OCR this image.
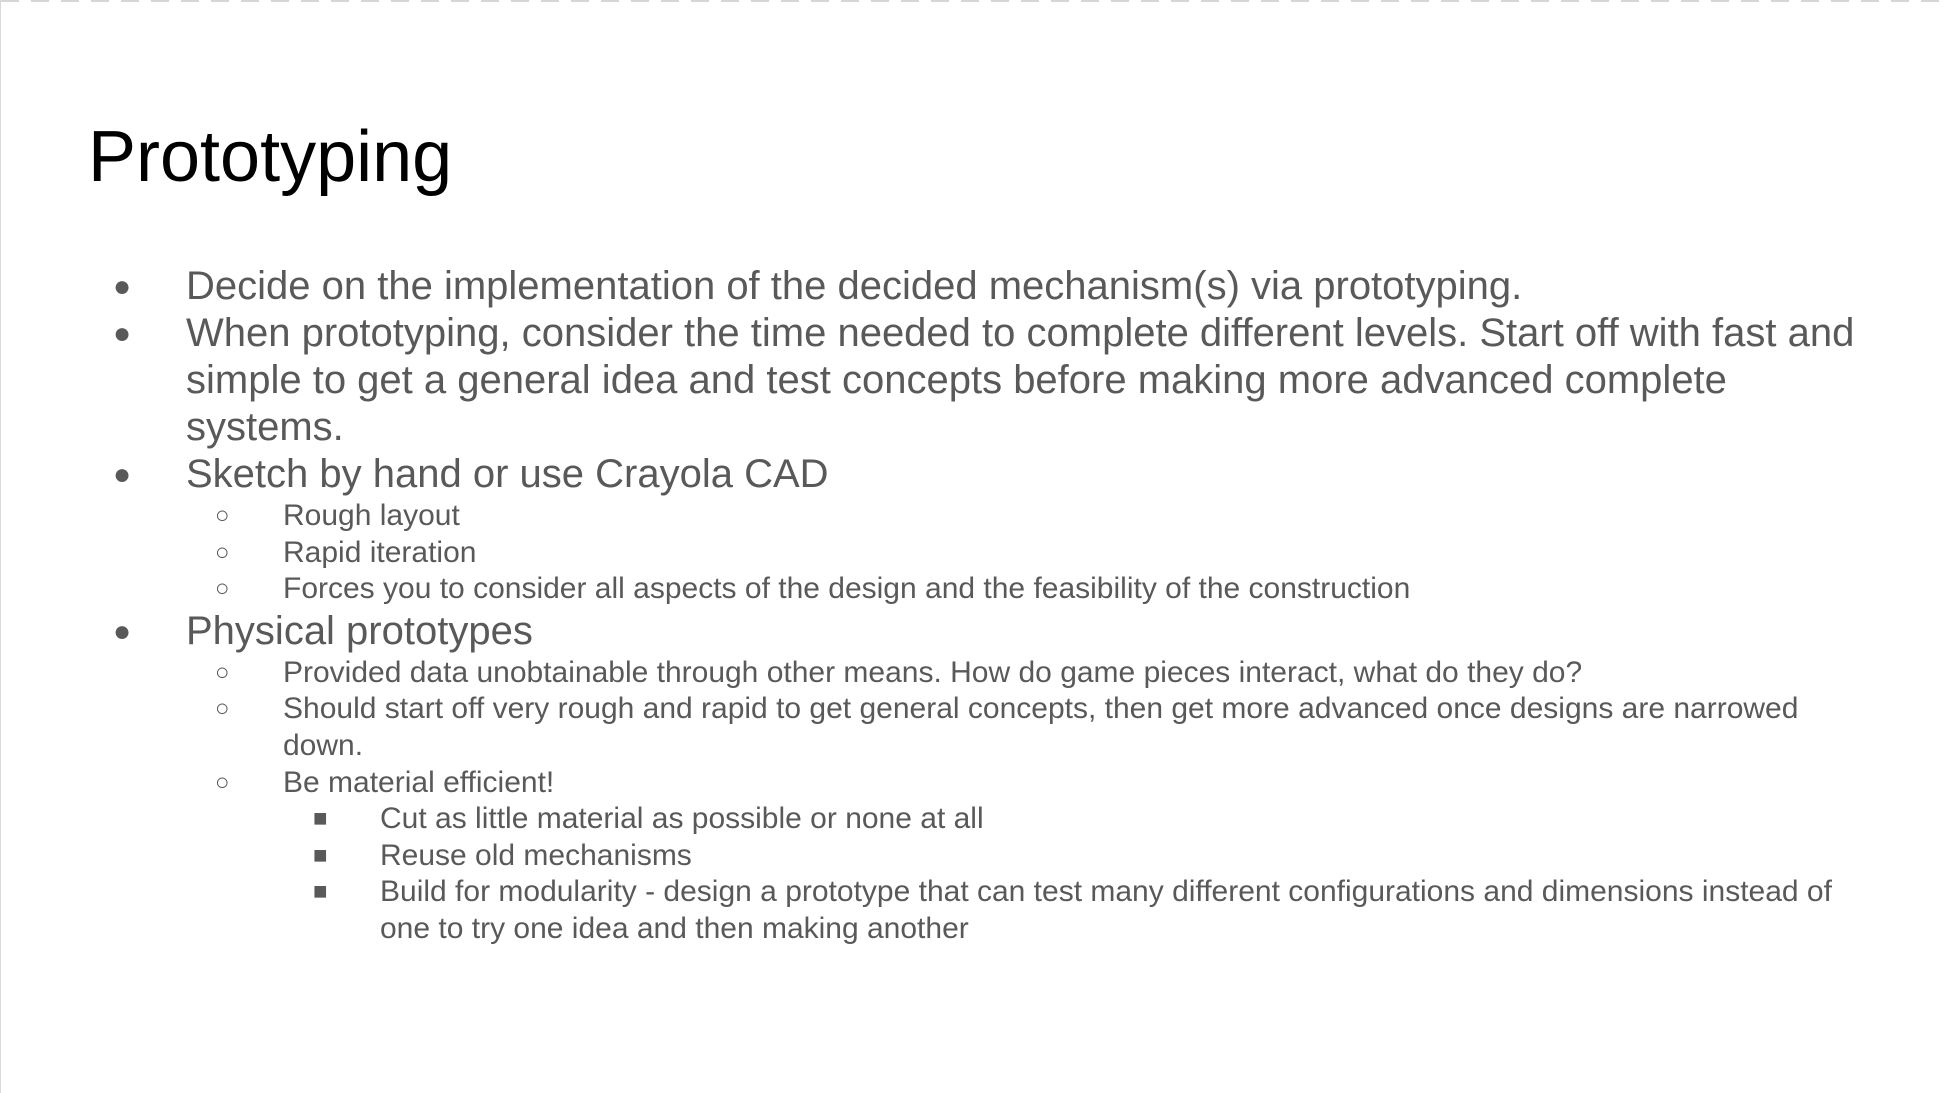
Prototyping
● Decide on the implementation of the decided mechanism(s) via prototyping.
● When prototyping, consider the time needed to complete different levels. Start off with fast and simple to get a general idea and test concepts before making more advanced complete systems.
● Sketch by hand or use Crayola CAD
○ Rough layout
○ Rapid iteration
○ Forces you to consider all aspects of the design and the feasibility of the construction
● Physical prototypes
○ Provided data unobtainable through other means. How do game pieces interact, what do they do?
○ Should start off very rough and rapid to get general concepts, then get more advanced once designs are narrowed down.
○ Be material efficient!
■ Cut as little material as possible or none at all
■ Reuse old mechanisms
■ Build for modularity - design a prototype that can test many different configurations and dimensions instead of one to try one idea and then making another
